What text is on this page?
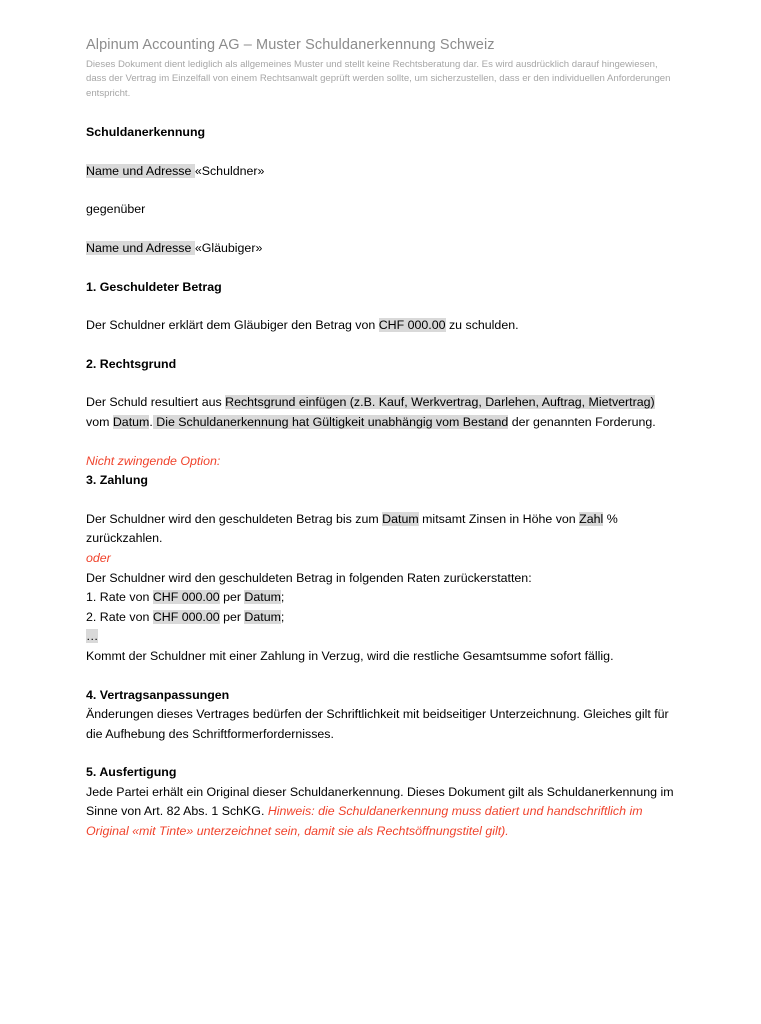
Alpinum Accounting AG – Muster Schuldanerkennung Schweiz
Dieses Dokument dient lediglich als allgemeines Muster und stellt keine Rechtsberatung dar. Es wird ausdrücklich darauf hingewiesen, dass der Vertrag im Einzelfall von einem Rechtsanwalt geprüft werden sollte, um sicherzustellen, dass er den individuellen Anforderungen entspricht.

Schuldanerkennung

Name und Adresse «Schuldner»

gegenüber

Name und Adresse «Gläubiger»

1. Geschuldeter Betrag

Der Schuldner erklärt dem Gläubiger den Betrag von CHF 000.00 zu schulden.

2. Rechtsgrund

Der Schuld resultiert aus Rechtsgrund einfügen (z.B. Kauf, Werkvertrag, Darlehen, Auftrag, Mietvertrag) vom Datum. Die Schuldanerkennung hat Gültigkeit unabhängig vom Bestand der genannten Forderung.

Nicht zwingende Option:

3. Zahlung

Der Schuldner wird den geschuldeten Betrag bis zum Datum mitsamt Zinsen in Höhe von Zahl % zurückzahlen.

oder

Der Schuldner wird den geschuldeten Betrag in folgenden Raten zurückerstatten:

1. Rate von CHF 000.00 per Datum;

2. Rate von CHF 000.00 per Datum;

…

Kommt der Schuldner mit einer Zahlung in Verzug, wird die restliche Gesamtsumme sofort fällig.

4. Vertragsanpassungen

Änderungen dieses Vertrages bedürfen der Schriftlichkeit mit beidseitiger Unterzeichnung. Gleiches gilt für die Aufhebung des Schriftformerfordernisses.

5. Ausfertigung

Jede Partei erhält ein Original dieser Schuldanerkennung. Dieses Dokument gilt als Schuldanerkennung im Sinne von Art. 82 Abs. 1 SchKG. Hinweis: die Schuldanerkennung muss datiert und handschriftlich im Original «mit Tinte» unterzeichnet sein, damit sie als Rechtsöffnungstitel gilt).
